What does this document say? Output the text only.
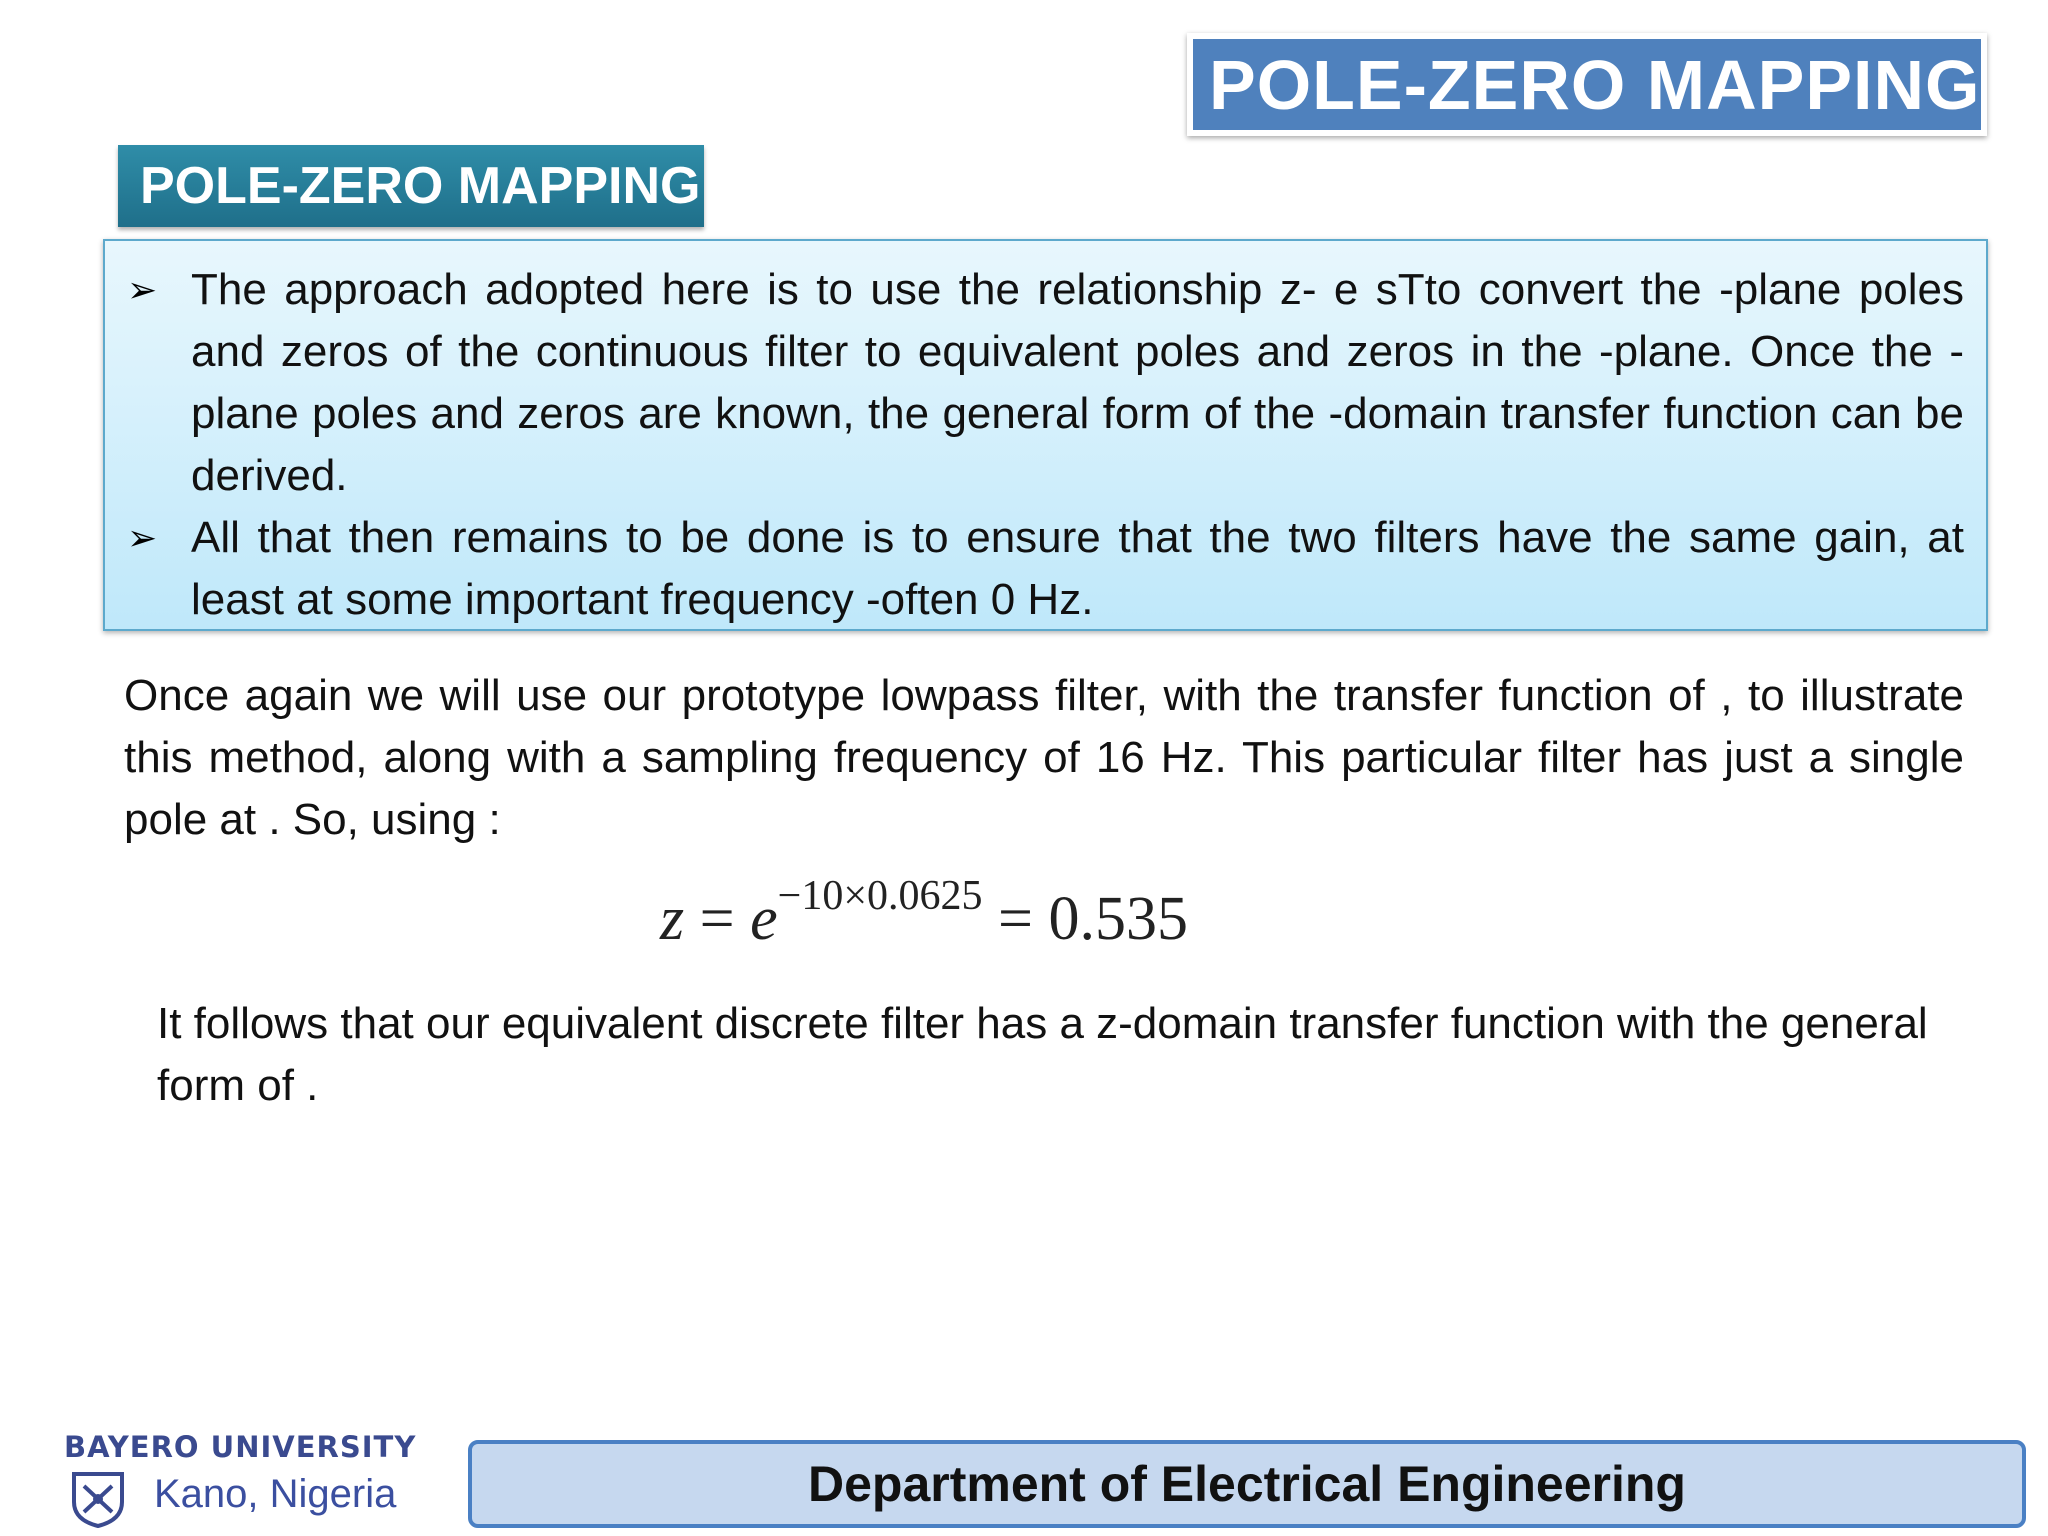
POLE-ZERO MAPPING
POLE-ZERO MAPPING
➢ The approach adopted here is to use the relationship z- e sTto convert the -plane poles and zeros of the continuous filter to equivalent poles and zeros in the -plane. Once the -plane poles and zeros are known, the general form of the -domain transfer function can be derived.
➢ All that then remains to be done is to ensure that the two filters have the same gain, at least at some important frequency -often 0 Hz.
Once again we will use our prototype lowpass filter, with the transfer function of , to illustrate this method, along with a sampling frequency of 16 Hz. This particular filter has just a single pole at . So, using :
$z = e^{-10\times 0.0625} = 0.535$
It follows that our equivalent discrete filter has a z-domain transfer function with the general form of .
BAYERO UNIVERSITY
Kano, Nigeria	Department of Electrical Engineering
